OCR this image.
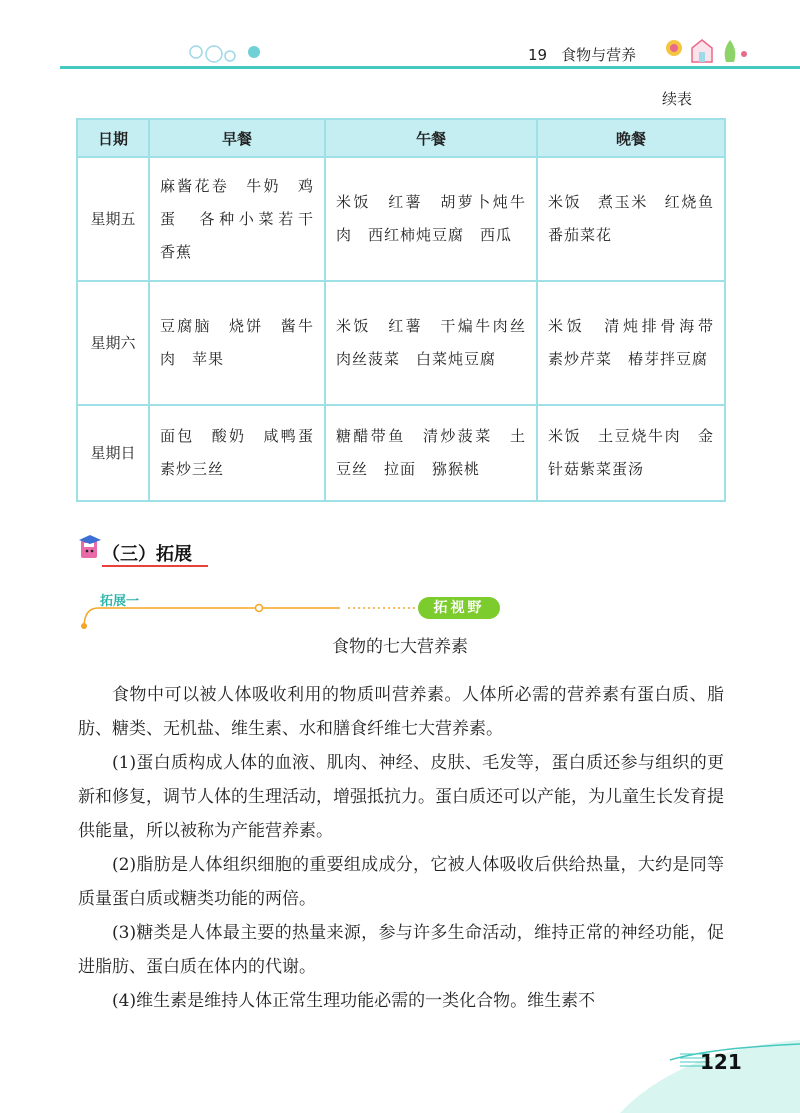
19 食物与营养
续表
日期	早餐	午餐	晚餐
星期五	麻酱花卷　牛奶　鸡蛋　各种小菜若干　香蕉	米饭　红薯　胡萝卜炖牛肉　西红柿炖豆腐　西瓜	米饭　煮玉米　红烧鱼　番茄菜花
星期六	豆腐脑　烧饼　酱牛肉　苹果	米饭　红薯　干煸牛肉丝　肉丝菠菜　白菜炖豆腐	米饭　清炖排骨海带　素炒芹菜　椿芽拌豆腐
星期日	面包　酸奶　咸鸭蛋　素炒三丝	糖醋带鱼　清炒菠菜　土豆丝　拉面　猕猴桃	米饭　土豆烧牛肉　金针菇紫菜蛋汤
（三）拓展
拓展一	拓视野
食物的七大营养素

食物中可以被人体吸收利用的物质叫营养素。人体所必需的营养素有蛋白质、脂肪、糖类、无机盐、维生素、水和膳食纤维七大营养素。

(1)蛋白质构成人体的血液、肌肉、神经、皮肤、毛发等，蛋白质还参与组织的更新和修复，调节人体的生理活动，增强抵抗力。蛋白质还可以产能，为儿童生长发育提供能量，所以被称为产能营养素。

(2)脂肪是人体组织细胞的重要组成成分，它被人体吸收后供给热量，大约是同等质量蛋白质或糖类功能的两倍。

(3)糖类是人体最主要的热量来源，参与许多生命活动，维持正常的神经功能，促进脂肪、蛋白质在体内的代谢。

(4)维生素是维持人体正常生理功能必需的一类化合物。维生素不

121
